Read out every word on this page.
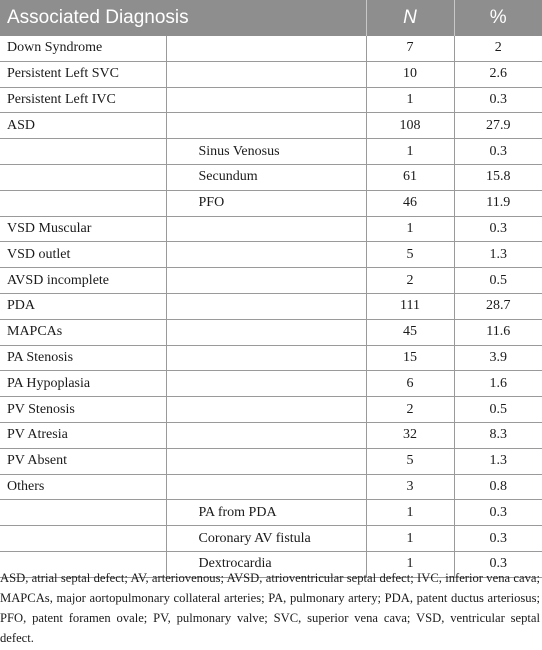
Associated Diagnosis		N	%
Down Syndrome		7	2
Persistent Left SVC		10	2.6
Persistent Left IVC		1	0.3
ASD		108	27.9
	Sinus Venosus	1	0.3
	Secundum	61	15.8
	PFO	46	11.9
VSD Muscular		1	0.3
VSD outlet		5	1.3
AVSD incomplete		2	0.5
PDA		111	28.7
MAPCAs		45	11.6
PA Stenosis		15	3.9
PA Hypoplasia		6	1.6
PV Stenosis		2	0.5
PV Atresia		32	8.3
PV Absent		5	1.3
Others		3	0.8
	PA from PDA	1	0.3
	Coronary AV fistula	1	0.3
	Dextrocardia	1	0.3

ASD, atrial septal defect; AV, arteriovenous; AVSD, atrioventricular septal defect; IVC, inferior vena cava; MAPCAs, major aortopulmonary collateral arteries; PA, pulmonary artery; PDA, patent ductus arteriosus; PFO, patent foramen ovale; PV, pulmonary valve; SVC, superior vena cava; VSD, ventricular septal defect.
